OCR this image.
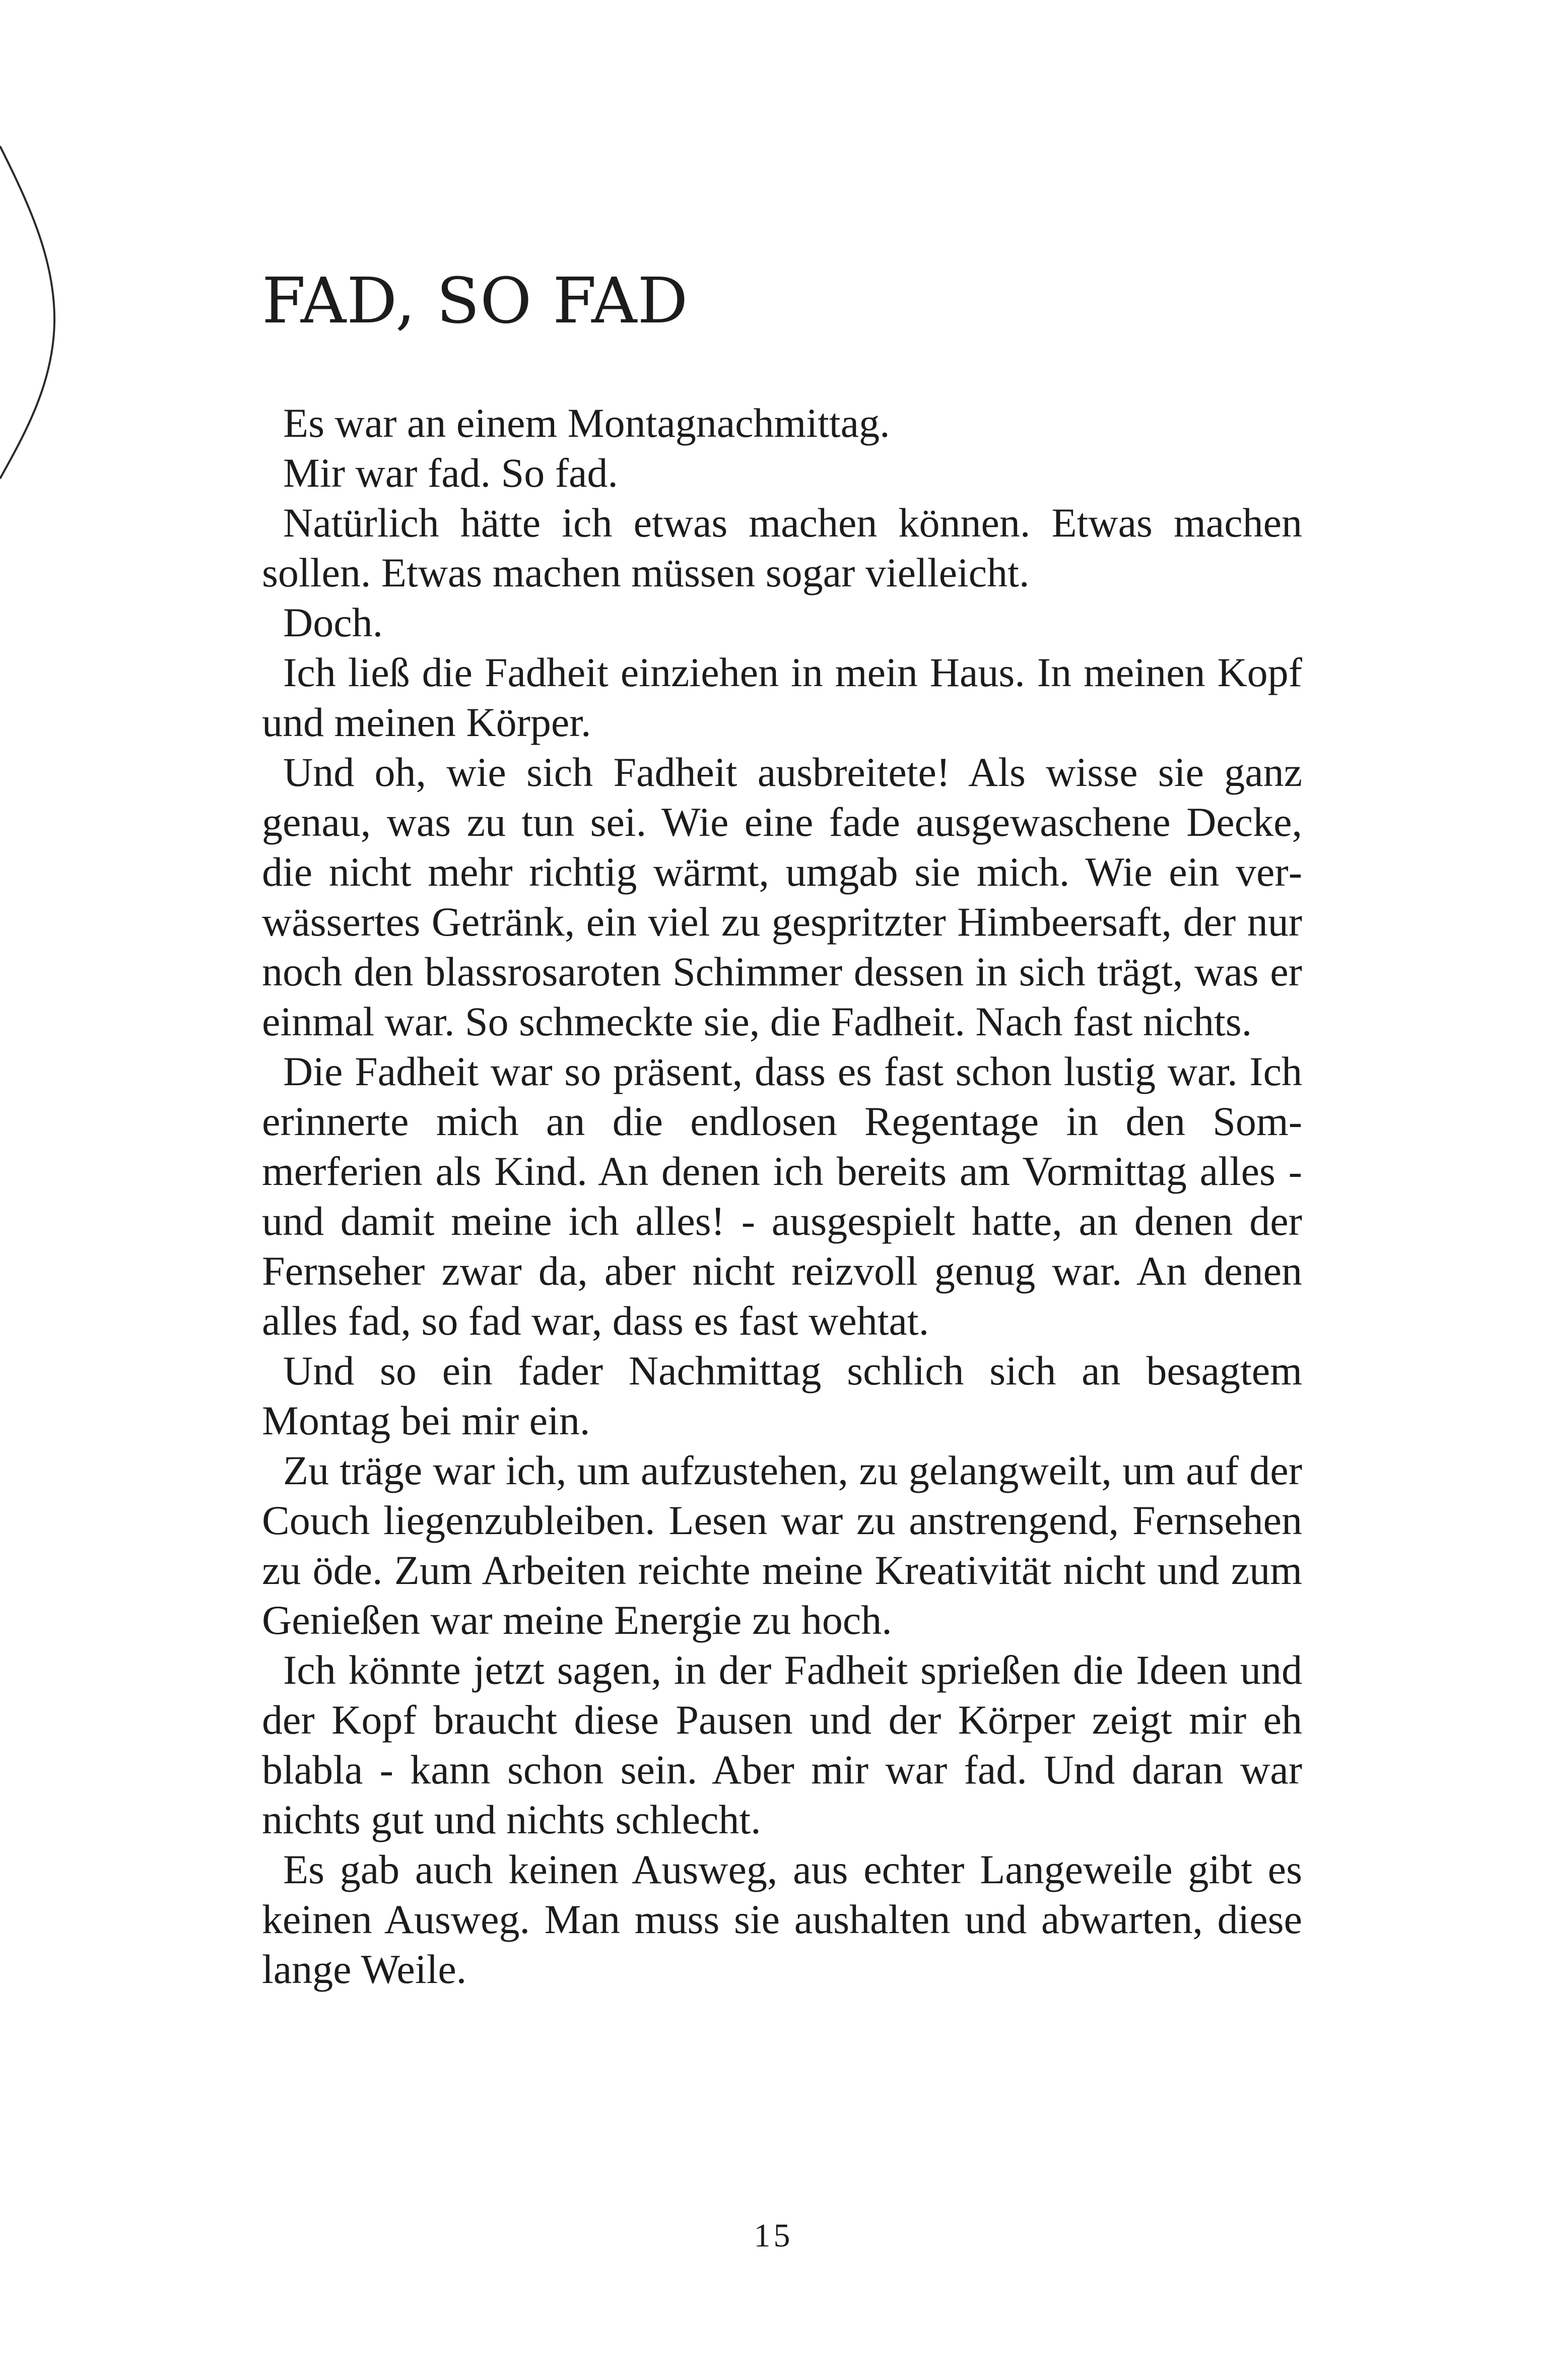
FAD, SO FAD

Es war an einem Montagnachmittag.

Mir war fad. So fad.

Natürlich hätte ich etwas machen können. Etwas machen sollen. Etwas machen müssen sogar vielleicht.

Doch.

Ich ließ die Fadheit einziehen in mein Haus. In meinen Kopf und meinen Körper.

Und oh, wie sich Fadheit ausbreitete! Als wisse sie ganz genau, was zu tun sei. Wie eine fade ausgewaschene Decke, die nicht mehr richtig wärmt, umgab sie mich. Wie ein verwässertes Getränk, ein viel zu gespritzter Himbeersaft, der nur noch den blassrosaroten Schimmer dessen in sich trägt, was er einmal war. So schmeckte sie, die Fadheit. Nach fast nichts.

Die Fadheit war so präsent, dass es fast schon lustig war. Ich erinnerte mich an die endlosen Regentage in den Sommerferien als Kind. An denen ich bereits am Vormittag alles - und damit meine ich alles! - ausgespielt hatte, an denen der Fernseher zwar da, aber nicht reizvoll genug war. An denen alles fad, so fad war, dass es fast wehtat.

Und so ein fader Nachmittag schlich sich an besagtem Montag bei mir ein.

Zu träge war ich, um aufzustehen, zu gelangweilt, um auf der Couch liegenzubleiben. Lesen war zu anstrengend, Fernsehen zu öde. Zum Arbeiten reichte meine Kreativität nicht und zum Genießen war meine Energie zu hoch.

Ich könnte jetzt sagen, in der Fadheit sprießen die Ideen und der Kopf braucht diese Pausen und der Körper zeigt mir eh blabla - kann schon sein. Aber mir war fad. Und daran war nichts gut und nichts schlecht.

Es gab auch keinen Ausweg, aus echter Langeweile gibt es keinen Ausweg. Man muss sie aushalten und abwarten, diese lange Weile.

15
